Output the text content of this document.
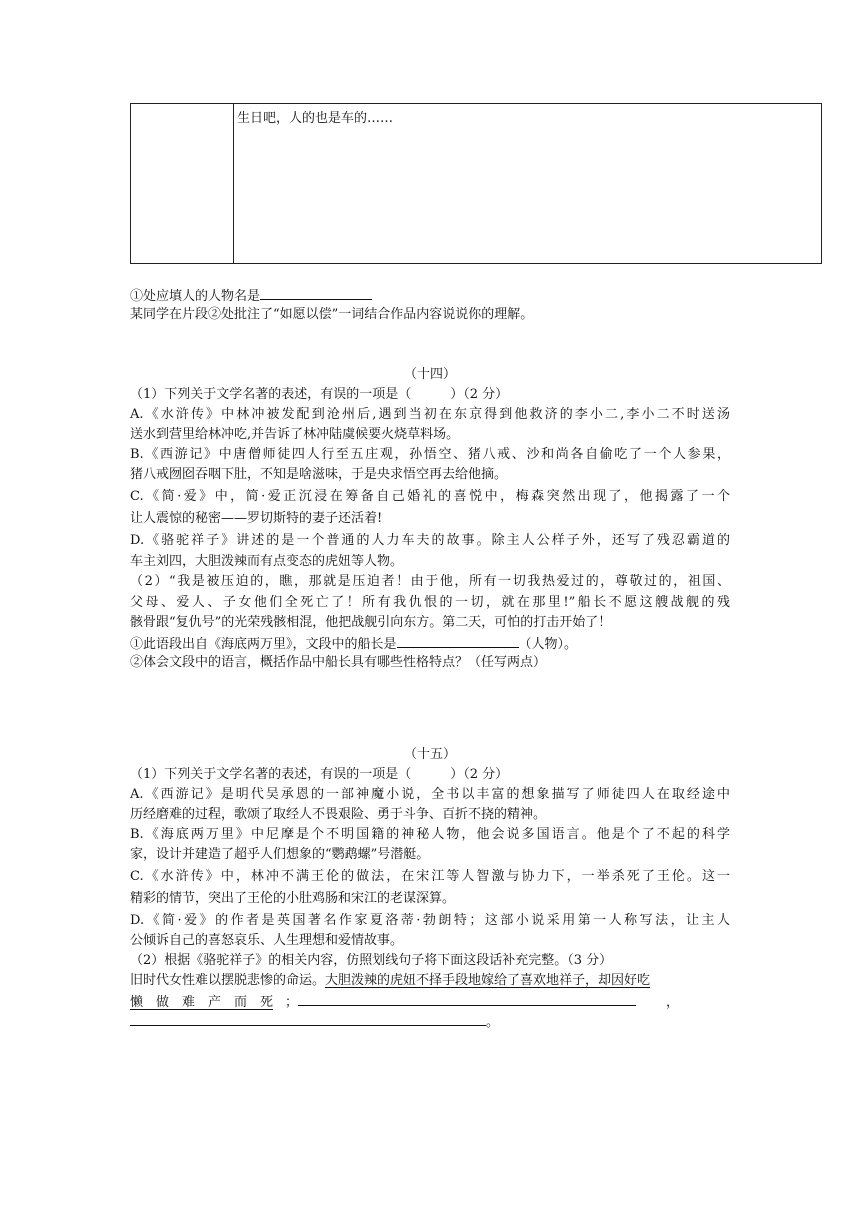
生日吧，人的也是车的……
①处应填人的人物名是
某同学在片段②处批注了“如愿以偿”一词结合作品内容说说你的理解。
（十四）
（1）下列关于文学名著的表述，有误的一项是（　　　）（2 分）
A.《水浒传》中林冲被发配到沧州后,遇到当初在东京得到他救济的李小二,李小二不时送汤
送水到营里给林冲吃,并告诉了林冲陆虞候要火烧草料场。
B.《西游记》中唐僧师徒四人行至五庄观，孙悟空、猪八戒、沙和尚各自偷吃了一个人参果，
猪八戒囫囵吞咽下肚，不知是啥滋味，于是央求悟空再去给他摘。
C.《简·爱》中，简·爱正沉浸在筹备自己婚礼的喜悦中，梅森突然出现了，他揭露了一个
让人震惊的秘密——罗切斯特的妻子还活着!
D.《骆驼祥子》讲述的是一个普通的人力车夫的故事。除主人公样子外，还写了残忍霸道的
车主刘四，大胆泼辣而有点变态的虎妞等人物。
（2）“我是被压迫的，瞧，那就是压迫者！由于他，所有一切我热爱过的，尊敬过的，祖国、
父母、爱人、子女他们全死亡了！所有我仇恨的一切，就在那里!”船长不愿这艘战舰的残
骸骨跟“复仇号”的光荣残骸相混，他把战舰引向东方。第二天，可怕的打击开始了！
①此语段出自《海底两万里》，文段中的船长是	（人物）。
②体会文段中的语言，概括作品中船长具有哪些性格特点？（任写两点）
（十五）
（1）下列关于文学名著的表述，有误的一项是（　　　）（2 分）
A.《西游记》是明代吴承恩的一部神魔小说，全书以丰富的想象描写了师徒四人在取经途中
历经磨难的过程，歌颂了取经人不畏艰险、勇于斗争、百折不挠的精神。
B.《海底两万里》中尼摩是个不明国籍的神秘人物，他会说多国语言。他是个了不起的科学
家，设计并建造了超乎人们想象的“鹦鹉螺”号潜艇。
C.《水浒传》中，林冲不满王伦的做法，在宋江等人智激与协力下，一举杀死了王伦。这一
精彩的情节，突出了王伦的小肚鸡肠和宋江的老谋深算。
D.《简·爱》的作者是英国著名作家夏洛蒂·勃朗特；这部小说采用第一人称写法，让主人
公倾诉自己的喜怒哀乐、人生理想和爱情故事。
（2）根据《骆驼祥子》的相关内容，仿照划线句子将下面这段话补充完整。（3 分）
旧时代女性难以摆脱悲惨的命运。大胆泼辣的虎妞不择手段地嫁给了喜欢地祥子，却因好吃
懒　做　难　产　而　死 ；	，
。
